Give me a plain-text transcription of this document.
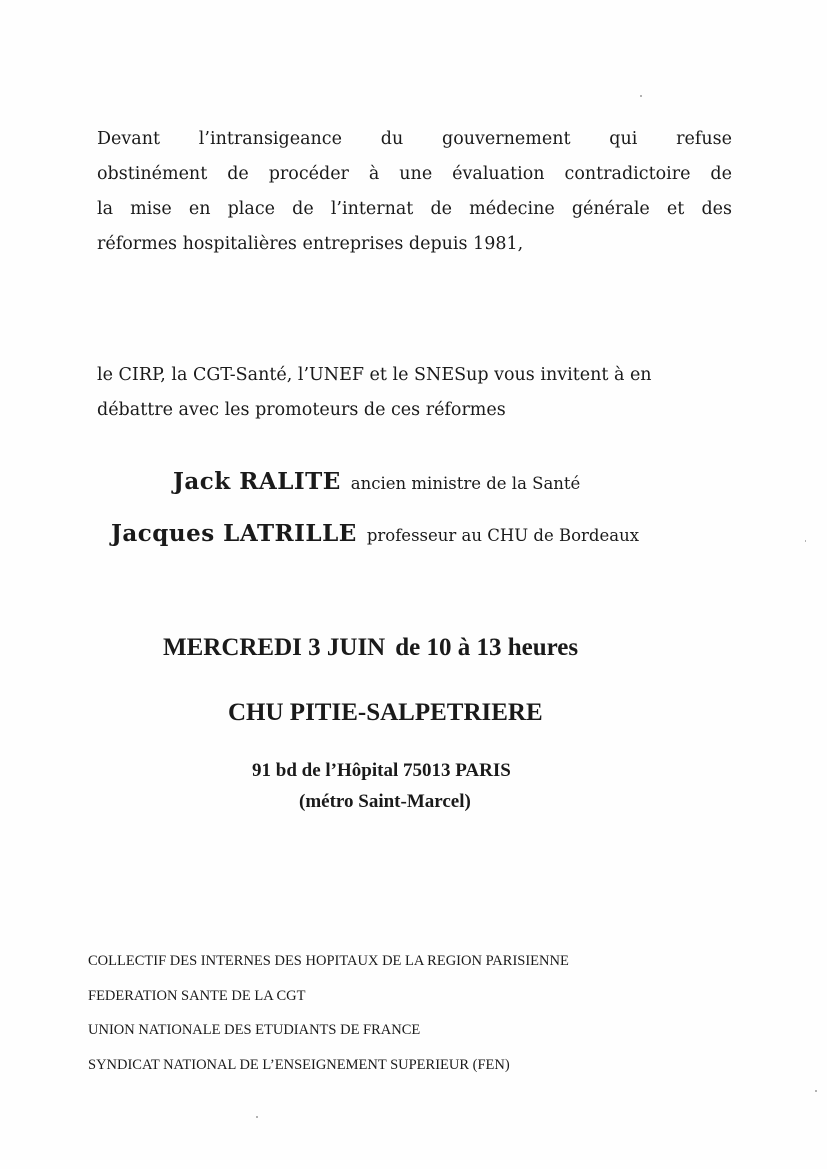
Devant l’intransigeance du gouvernement qui refuse
obstinément de procéder à une évaluation contradictoire de
la mise en place de l’internat de médecine générale et des
réformes hospitalières entreprises depuis 1981,

le CIRP, la CGT-Santé, l’UNEF et le SNESup vous invitent à en
débattre avec les promoteurs de ces réformes

Jack RALITE ancien ministre de la Santé
Jacques LATRILLE professeur au CHU de Bordeaux
MERCREDI 3 JUIN de 10 à 13 heures
CHU PITIE-SALPETRIERE
91 bd de l’Hôpital 75013 PARIS
(métro Saint-Marcel)
COLLECTIF DES INTERNES DES HOPITAUX DE LA REGION PARISIENNE
FEDERATION SANTE DE LA CGT
UNION NATIONALE DES ETUDIANTS DE FRANCE
SYNDICAT NATIONAL DE L’ENSEIGNEMENT SUPERIEUR (FEN)
